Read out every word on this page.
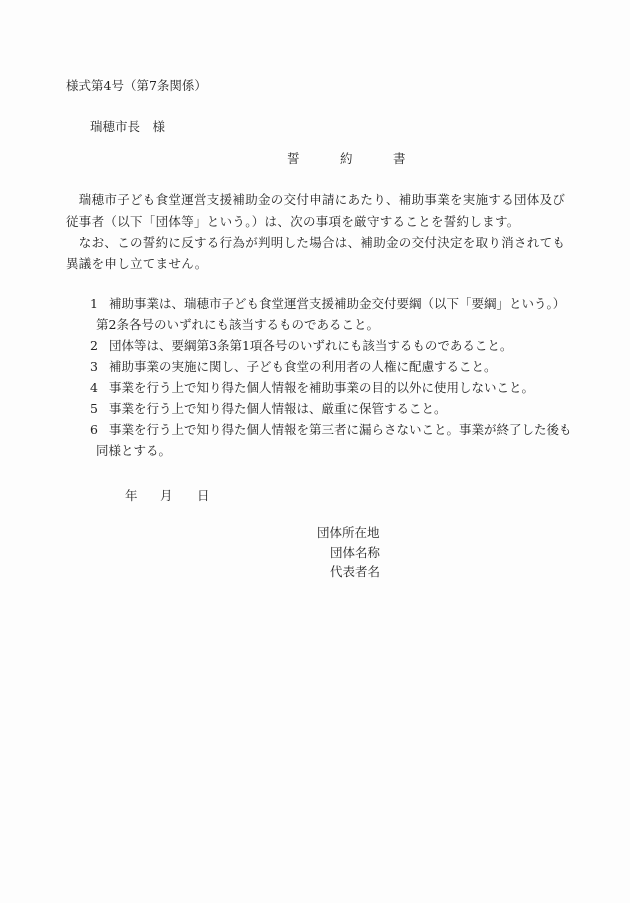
様式第4号（第7条関係）
瑞穂市長　様
誓　約　書
　瑞穂市子ども食堂運営支援補助金の交付申請にあたり、補助事業を実施する団体及び
従事者（以下「団体等」という。）は、次の事項を厳守することを誓約します。
　なお、この誓約に反する行為が判明した場合は、補助金の交付決定を取り消されても
異議を申し立てません。
1 補助事業は、瑞穂市子ども食堂運営支援補助金交付要綱（以下「要綱」という。）
第2条各号のいずれにも該当するものであること。
2 団体等は、要綱第3条第1項各号のいずれにも該当するものであること。
3 補助事業の実施に関し、子ども食堂の利用者の人権に配慮すること。
4 事業を行う上で知り得た個人情報を補助事業の目的以外に使用しないこと。
5 事業を行う上で知り得た個人情報は、厳重に保管すること。
6 事業を行う上で知り得た個人情報を第三者に漏らさないこと。事業が終了した後も
同様とする。
年 月 日
団体所在地
団体名称
代表者名
